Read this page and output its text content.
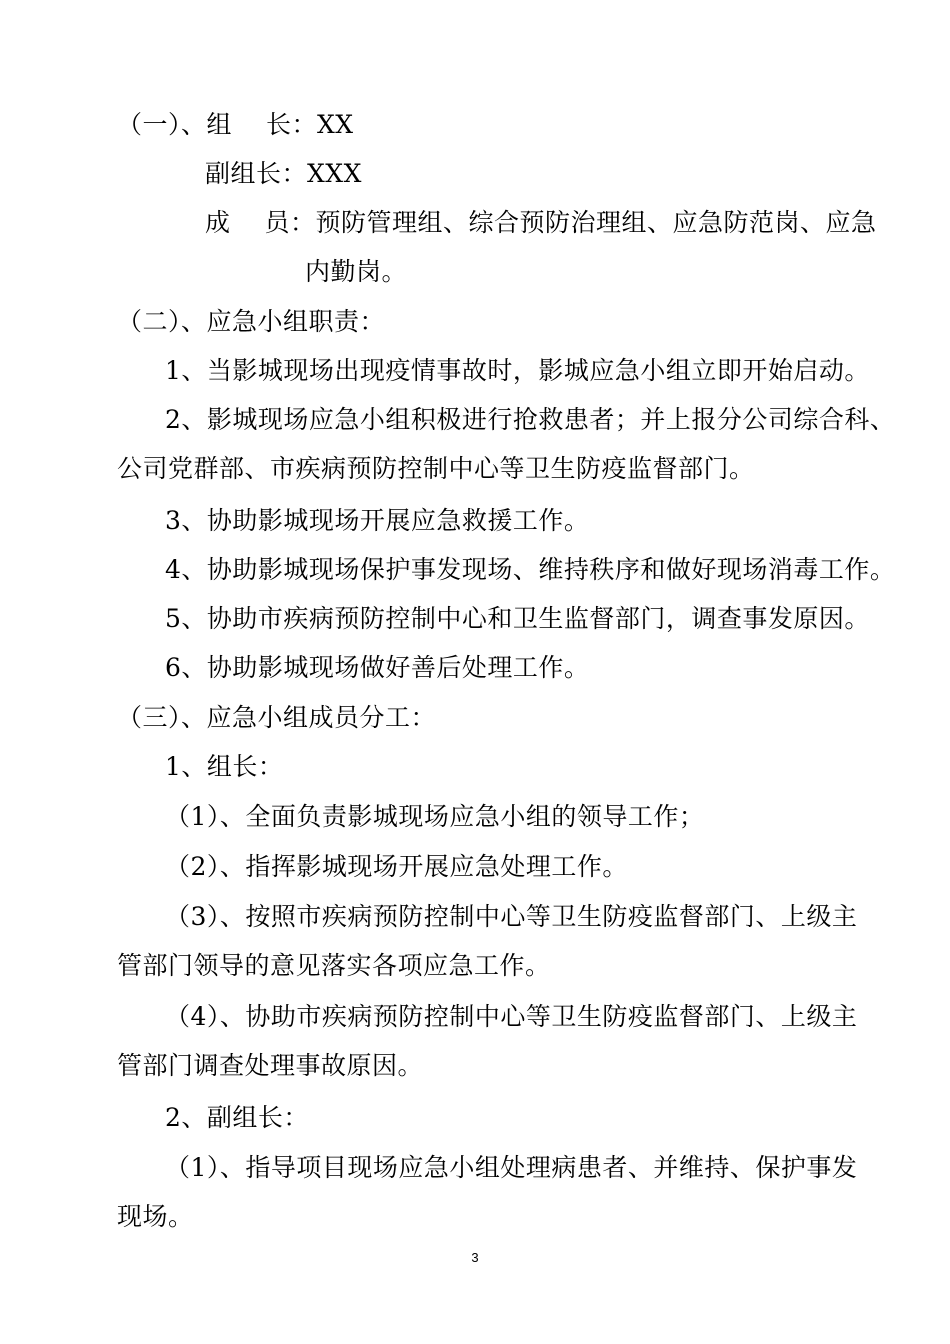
（一）、组　 长：XX
副组长：XXX
成　 员：预防管理组、综合预防治理组、应急防范岗、应急
内勤岗。
（二）、应急小组职责：
1、当影城现场出现疫情事故时，影城应急小组立即开始启动。
2、影城现场应急小组积极进行抢救患者；并上报分公司综合科、
公司党群部、市疾病预防控制中心等卫生防疫监督部门。
3、协助影城现场开展应急救援工作。
4、协助影城现场保护事发现场、维持秩序和做好现场消毒工作。
5、协助市疾病预防控制中心和卫生监督部门，调查事发原因。
6、协助影城现场做好善后处理工作。
（三）、应急小组成员分工：
1、组长：
（1）、全面负责影城现场应急小组的领导工作；
（2）、指挥影城现场开展应急处理工作。
（3）、按照市疾病预防控制中心等卫生防疫监督部门、上级主
管部门领导的意见落实各项应急工作。
（4）、协助市疾病预防控制中心等卫生防疫监督部门、上级主
管部门调查处理事故原因。
2、副组长：
（1）、指导项目现场应急小组处理病患者、并维持、保护事发
现场。
3
